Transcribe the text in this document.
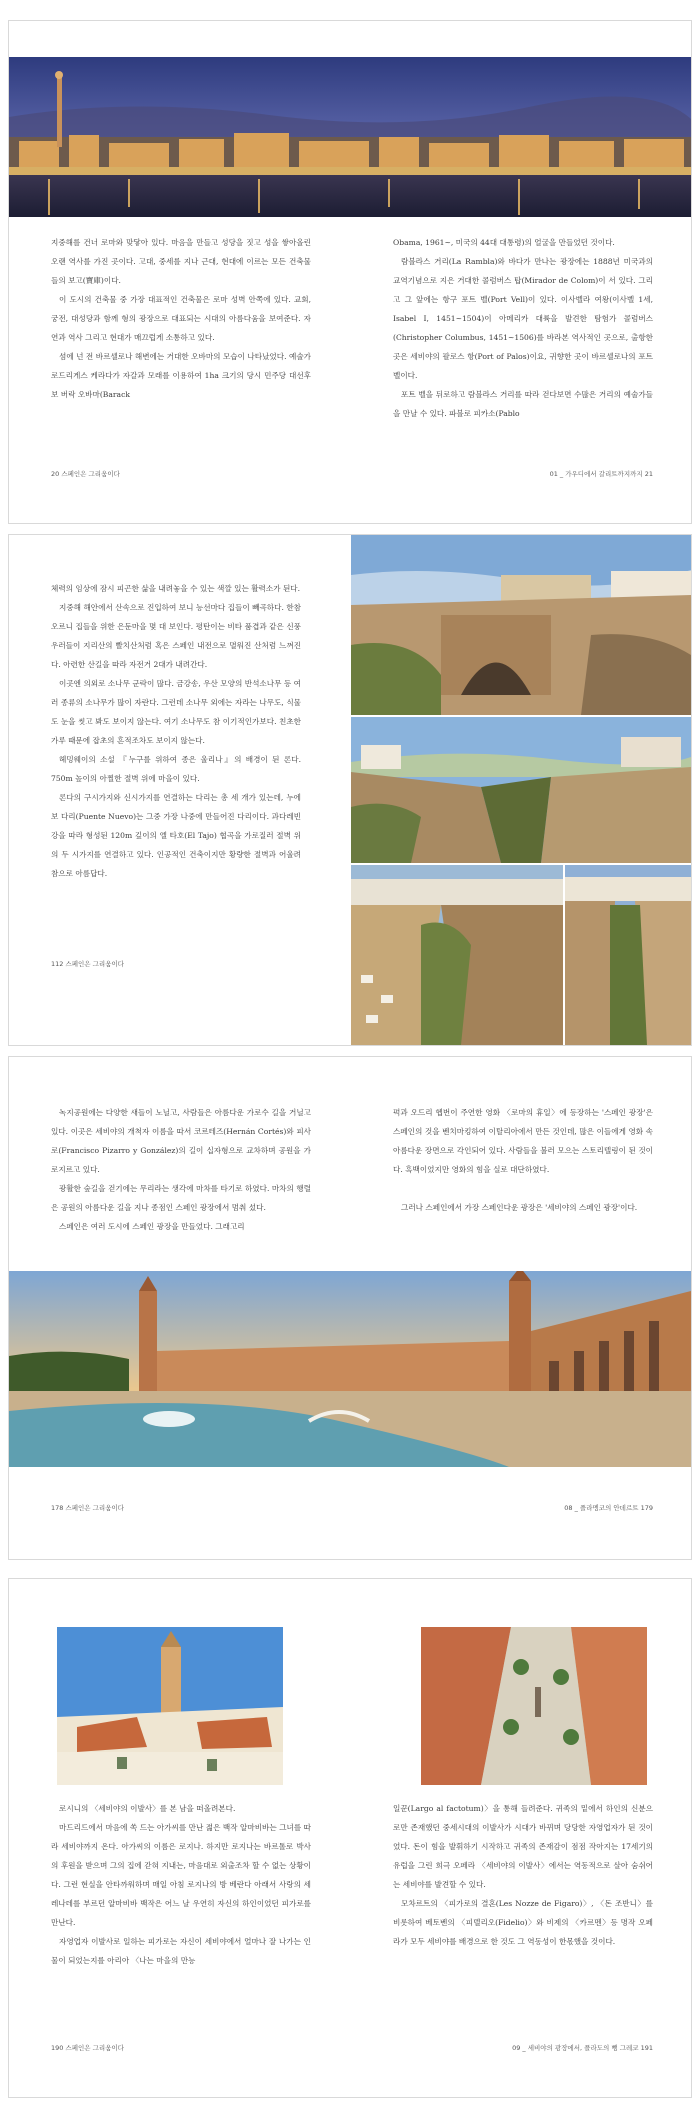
지중해를 건너 로마와 맞닿아 있다. 마음을 만들고 성당을 짓고 성을 쌓아올린 오랜 역사를 가진 곳이다. 고대, 중세를 지나 근대, 현대에 이르는 모든 건축물들의 보고(寶庫)이다.

이 도시의 건축물 중 가장 대표적인 건축물은 로마 성벽 안쪽에 있다. 교회, 궁전, 대성당과 함께 형의 광장으로 대표되는 시대의 아름다움을 보여준다. 자연과 역사 그리고 현대가 매끄럽게 소통하고 있다.

섬에 넌 전 바르셀로나 해변에는 거대한 오바마의 모습이 나타났었다. 예술가 로드리게스 케라다가 자갈과 모래를 이용하여 1ha 크기의 당시 민주당 대선후보 버락 오바마(Barack

Obama, 1961~, 미국의 44대 대통령)의 얼굴을 만들었던 것이다.

람블라스 거리(La Rambla)와 바다가 만나는 광장에는 1888년 미국과의 교역기념으로 지은 거대한 콜럼버스 탑(Mirador de Colom)이 서 있다. 그리고 그 앞에는 항구 포트 벨(Port Vell)이 있다. 이사벨라 여왕(이사벨 1세, Isabel I, 1451~1504)이 아메리카 대륙을 발견한 탐험가 콜럼버스(Christopher Columbus, 1451~1506)를 바라본 역사적인 곳으로, 출항한 곳은 세비야의 팔로스 항(Port of Palos)이요, 귀향한 곳이 바르셀로나의 포트 벨이다.

포트 벨을 뒤로하고 람블라스 거리를 따라 걷다보면 수많은 거리의 예술가들을 만날 수 있다. 파블로 피카소(Pablo

20 스페인은 그리움이다	01 _ 가우디에서 갈리트까지까지 21

체력의 임상에 잠시 피곤한 삶을 내려놓을 수 있는 색깔 있는 활력소가 된다.

지중해 해안에서 산속으로 진입하여 보니 능선마다 집들이 빼곡하다. 한참 오르니 집들을 위한 은둔마을 몇 대 보인다. 평탄이는 비타 품겹과 같은 신풍우러들이 지리산의 빨치산처럼 혹은 스페인 내전으로 멸워진 산처럼 느껴진다. 아련한 산길을 따라 자전거 2대가 내려간다.

이곳엔 의외로 소나무 군락이 많다. 금강송, 우산 모양의 반석소나무 등 여러 종류의 소나무가 많이 자란다. 그런데 소나무 외에는 자라는 나무도, 식물도 눈을 씻고 봐도 보이지 않는다. 여기 소나무도 참 이기적인가보다. 친초한 가루 때문에 잡초의 흔적조차도 보이지 않는다.

헤밍웨이의 소설 『누구를 위하여 종은 울리나』의 배경이 된 론다. 750m 높이의 아찔한 절벽 위에 마을이 있다.

론다의 구시가지와 신시가지를 연결하는 다리는 총 세 개가 있는데, 누에보 다리(Puente Nuevo)는 그중 가장 나중에 만들어진 다리이다. 과다레빈 강을 따라 형성된 120m 깊이의 엘 타호(El Tajo) 협곡을 가로질러 절벽 위의 두 시가지를 연결하고 있다. 인공적인 건축이지만 황량한 절벽과 어울려 참으로 아름답다.

112 스페인은 그리움이다

녹지공원에는 다양한 새들이 노닐고, 사람들은 아름다운 가로수 길을 거닐고 있다. 이곳은 세비야의 개척자 이름을 따서 코르테즈(Hernán Cortés)와 피사로(Francisco Pizarro y González)의 길이 십자형으로 교차하며 공원을 가로지르고 있다.

광활한 숲길을 걷기에는 무리라는 생각에 마차를 타기로 하였다. 마차의 행렬은 공원의 아름다운 길을 지나 종점인 스페인 광장에서 멈춰 섰다.

스페인은 여러 도시에 스페인 광장을 만들었다. 그래고리

퍽과 오드리 헵번이 주연한 영화 〈로마의 휴일〉에 등장하는 '스페인 광장'은 스페인의 것을 벤치마킹하여 이탈리아에서 만든 것인데, 많은 이들에게 영화 속 아름다운 장면으로 각인되어 있다. 사람들을 불러 모으는 스토리텔링이 된 것이다. 흑백이었지만 영화의 힘을 실로 대단하였다.

그러나 스페인에서 가장 스페인다운 광장은 '세비야의 스페인 광장'이다.

178 스페인은 그리움이다	08 _ 플라멩코의 안데르트 179

로시니의 〈세비야의 이발사〉를 본 남을 떠올려본다.

마드리드에서 마음에 쏙 드는 아가씨를 만난 젊은 백작 알마비바는 그녀를 따라 세비야까지 온다. 아가씨의 이름은 로지나. 하지만 로지나는 바르톨로 박사의 후원을 받으며 그의 집에 갇혀 지내는, 마음대로 외출조차 할 수 없는 상황이다. 그런 현실을 안타까워하며 매일 아침 로지나의 방 베란다 아래서 사랑의 세레나데를 부르던 알마비바 백작은 어느 날 우연히 자신의 하인이었던 피가로를 만난다.

자영업자 이발사로 일하는 피가로는 자신이 세비야에서 얼마나 잘 나가는 인물이 되었는지를 아리아 〈나는 마을의 만능

일꾼(Largo al factotum)〉을 통해 들려준다. 귀족의 밑에서 하인의 신분으로만 존재했던 중세시대의 이발사가 시대가 바뀌며 당당한 자영업자가 된 것이었다. 돈이 힘을 발휘하기 시작하고 귀족의 존재감이 점점 작아지는 17세기의 유럽을 그린 희극 오페라 〈세비야의 이발사〉에서는 역동적으로 살아 숨쉬어는 세비야를 발견할 수 있다.

모차르트의 〈피가로의 결혼(Les Nozze de Figaro)〉, 〈돈 조반니〉를 비롯하여 베토벤의 〈피델리오(Fidelio)〉와 비제의 〈카르멘〉등 명작 오페라가 모두 세비야를 배경으로 한 것도 그 역동성이 한몫했을 것이다.

190 스페인은 그리움이다	09 _ 세비야의 광장에서, 플라도의 뺑 그레코 191
